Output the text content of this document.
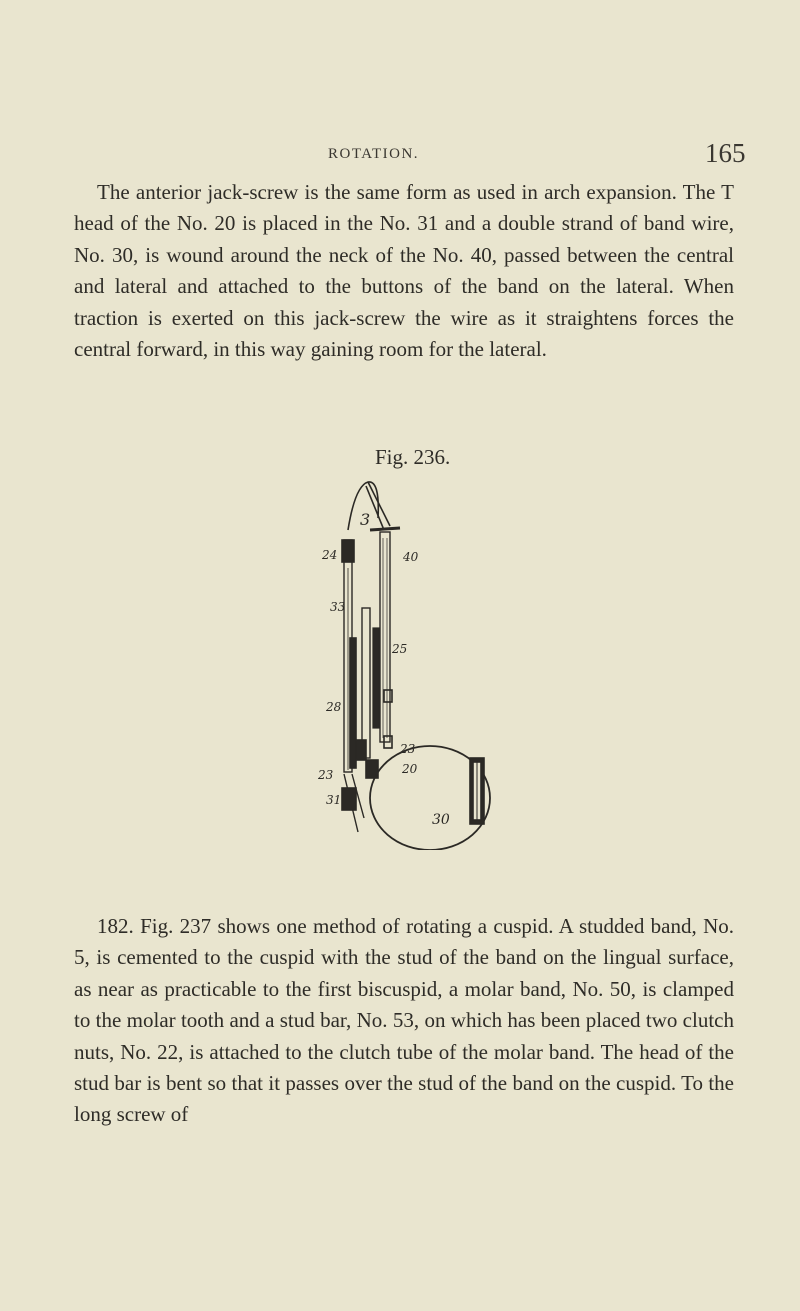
ROTATION.	165

The anterior jack-screw is the same form as used in arch expansion. The T head of the No. 20 is placed in the No. 31 and a double strand of band wire, No. 30, is wound around the neck of the No. 40, passed between the central and lateral and attached to the buttons of the band on the lateral. When traction is exerted on this jack-screw the wire as it straightens forces the central forward, in this way gaining room for the lateral.

Fig. 236.
3
24	40
33
25
28
23
20
23
31
30

182. Fig. 237 shows one method of rotating a cuspid. A studded band, No. 5, is cemented to the cuspid with the stud of the band on the lingual surface, as near as practicable to the first biscuspid, a molar band, No. 50, is clamped to the molar tooth and a stud bar, No. 53, on which has been placed two clutch nuts, No. 22, is attached to the clutch tube of the molar band. The head of the stud bar is bent so that it passes over the stud of the band on the cuspid. To the long screw of
